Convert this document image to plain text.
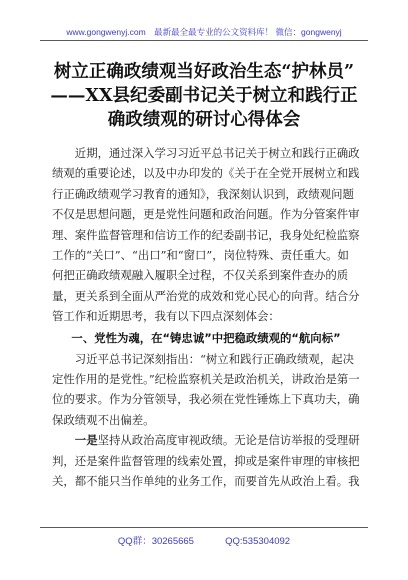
www.gongwenyj.com　最新最全最专业的公文资料库！ 微信：gongwenyj
树立正确政绩观当好政治生态“护林员”
——XX县纪委副书记关于树立和践行正
确政绩观的研讨心得体会

近期，通过深入学习习近平总书记关于树立和践行正确政绩观的重要论述，以及中办印发的《关于在全党开展树立和践行正确政绩观学习教育的通知》，我深刻认识到，政绩观问题不仅是思想问题，更是党性问题和政治问题。作为分管案件审理、案件监督管理和信访工作的纪委副书记，我身处纪检监察工作的“关口”、“出口”和“窗口”，岗位特殊、责任重大。如何把正确政绩观融入履职全过程，不仅关系到案件查办的质量，更关系到全面从严治党的成效和党心民心的向背。结合分管工作和近期思考，我有以下四点深刻体会：

一、党性为魂，在“铸忠诚”中把稳政绩观的“航向标”

习近平总书记深刻指出：“树立和践行正确政绩观，起决定性作用的是党性。”纪检监察机关是政治机关，讲政治是第一位的要求。作为分管领导，我必须在党性锤炼上下真功夫，确保政绩观不出偏差。

一是坚持从政治高度审视政绩。无论是信访举报的受理研判，还是案件监督管理的线索处置，抑或是案件审理的审核把关，都不能只当作单纯的业务工作，而要首先从政治上看。我

QQ群：30265665 　　　QQ:535304092
